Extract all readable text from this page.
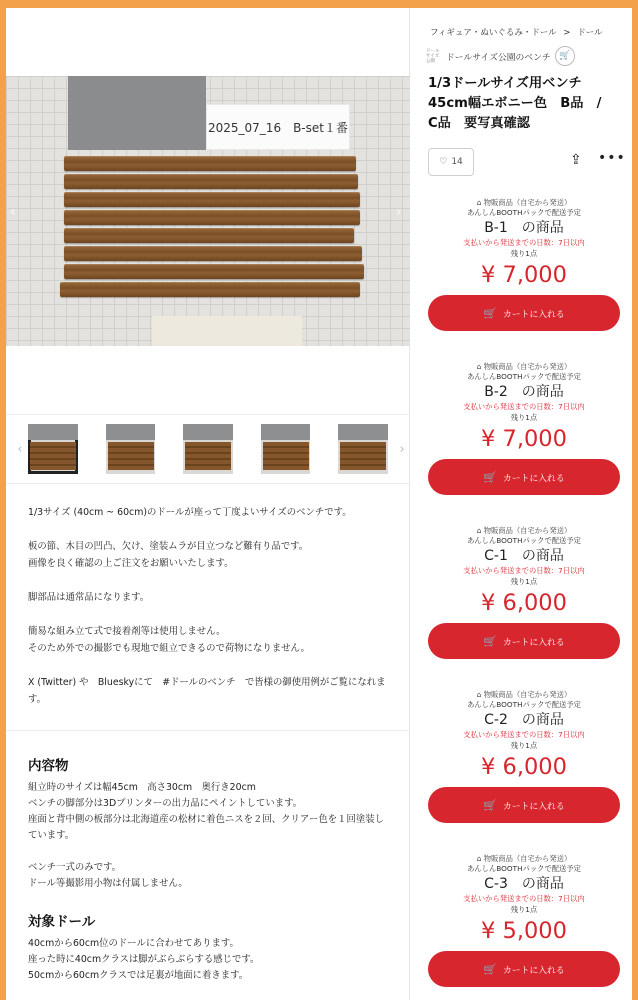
2025_07_16　B-set１番
‹	›
‹	›

1/3サイズ (40cm ~ 60cm)のドールが座って丁度よいサイズのベンチです。

板の節、木目の凹凸、欠け、塗装ムラが目立つなど難有り品です。
画像を良く確認の上ご注文をお願いいたします。

脚部品は通常品になります。

簡易な組み立て式で接着剤等は使用しません。
そのため外での撮影でも現地で組立できるので荷物になりません。

X (Twitter) や　Blueskyにて　#ドールのベンチ　で皆様の御使用例がご覧になれます。

内容物
組立時のサイズは幅45cm　高さ30cm　奥行き20cm
ベンチの脚部分は3Dプリンターの出力品にペイントしています。
座面と背中側の板部分は北海道産の松材に着色ニスを２回、クリアー色を１回塗装しています。

ベンチ一式のみです。
ドール等撮影用小物は付属しません。
対象ドール
40cmから60cm位のドールに合わせてあります。
座った時に40cmクラスは脚がぶらぶらする感じです。
50cmから60cmクラスでは足裏が地面に着きます。
フィギュア・ぬいぐるみ・ドール > ドール
ドールサイズ公園	ドールサイズ公園のベンチ 🛒
1/3ドールサイズ用ベンチ 45cm幅エボニー色　B品　/　C品　要写真確認
♡ 14	⇪ •••
⌂ 物販商品（自宅から発送）
あんしんBOOTHパックで配送予定
B-1　の商品
支払いから発送までの日数：7日以内
残り1点
¥ 7,000
🛒 カートに入れる
⌂ 物販商品（自宅から発送）
あんしんBOOTHパックで配送予定
B-2　の商品
支払いから発送までの日数：7日以内
残り1点
¥ 7,000
🛒 カートに入れる
⌂ 物販商品（自宅から発送）
あんしんBOOTHパックで配送予定
C-1　の商品
支払いから発送までの日数：7日以内
残り1点
¥ 6,000
🛒 カートに入れる
⌂ 物販商品（自宅から発送）
あんしんBOOTHパックで配送予定
C-2　の商品
支払いから発送までの日数：7日以内
残り1点
¥ 6,000
🛒 カートに入れる
⌂ 物販商品（自宅から発送）
あんしんBOOTHパックで配送予定
C-3　の商品
支払いから発送までの日数：7日以内
残り1点
¥ 5,000
🛒 カートに入れる
